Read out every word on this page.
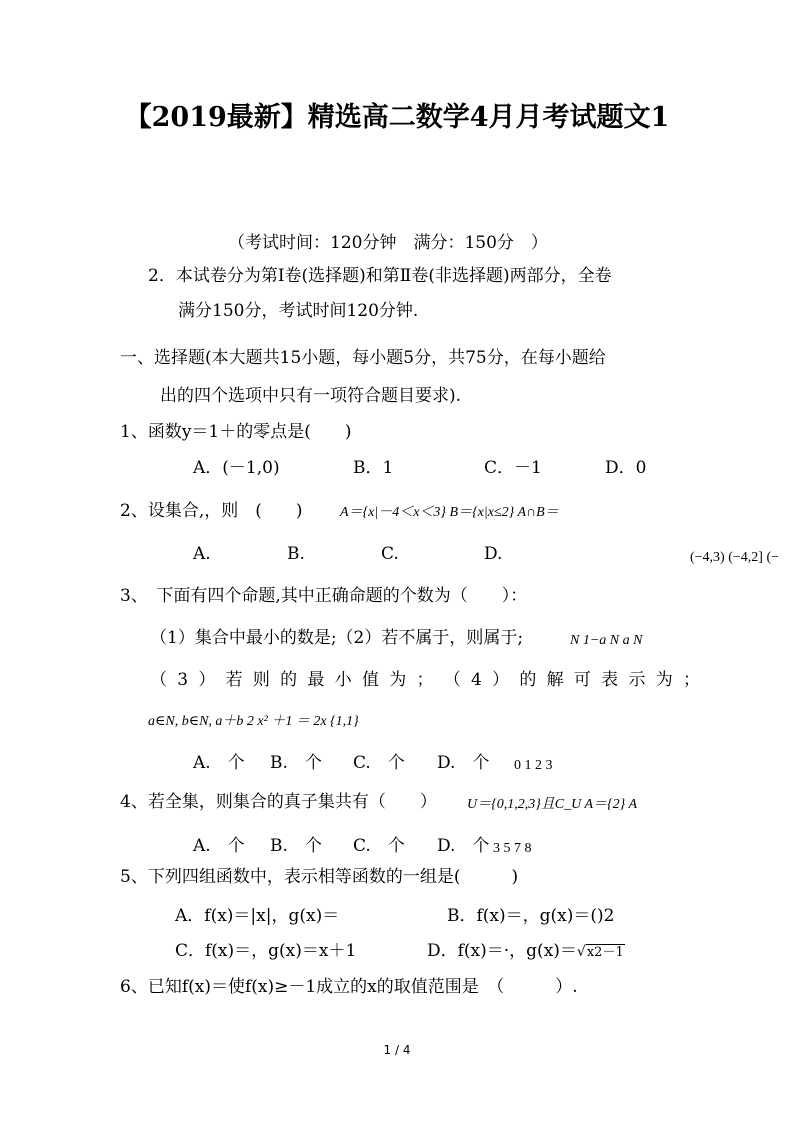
【2019最新】精选高二数学4月月考试题文1
（考试时间：120分钟　满分：150分　）
2．本试卷分为第Ⅰ卷(选择题)和第Ⅱ卷(非选择题)两部分，全卷
满分150分，考试时间120分钟.
一、选择题(本大题共15小题，每小题5分，共75分，在每小题给
出的四个选项中只有一项符合题目要求).
1、函数y＝1＋的零点是(　　)
A．(－1,0)	B．1	C．－1	D．0
2、设集合,，则　(　　)	A＝{x|－4＜x＜3} B＝{x|x≤2} A∩B＝
A.	B.	C.	D.	(−4,3) (−4,2] (−
3、　下面有四个命题,其中正确命题的个数为（　　）：
（1）集合中最小的数是;（2）若不属于，则属于;	N 1−a N a N
（ 3 ） 若 则 的 最 小 值 为 ； （ 4 ） 的 解 可 表 示 为 ；
a∈N, b∈N, a＋b 2 x² ＋1 ＝ 2x {1,1}
A.　个 B.　个 C.　个 D.　个 0 1 2 3
4、若全集，则集合的真子集共有（　　） U＝{0,1,2,3}且C_U A＝{2} A
A.　个 B.　个 C.　个 D.　个 3 5 7 8
5、下列四组函数中，表示相等函数的一组是(　　　)
A．f(x)＝|x|，g(x)＝	B．f(x)＝，g(x)＝()2
C．f(x)＝，g(x)＝x＋1	D．f(x)＝·，g(x)＝√x2－1
6、已知f(x)＝使f(x)≥－1成立的x的取值范围是　（　　　）.
1 / 4
